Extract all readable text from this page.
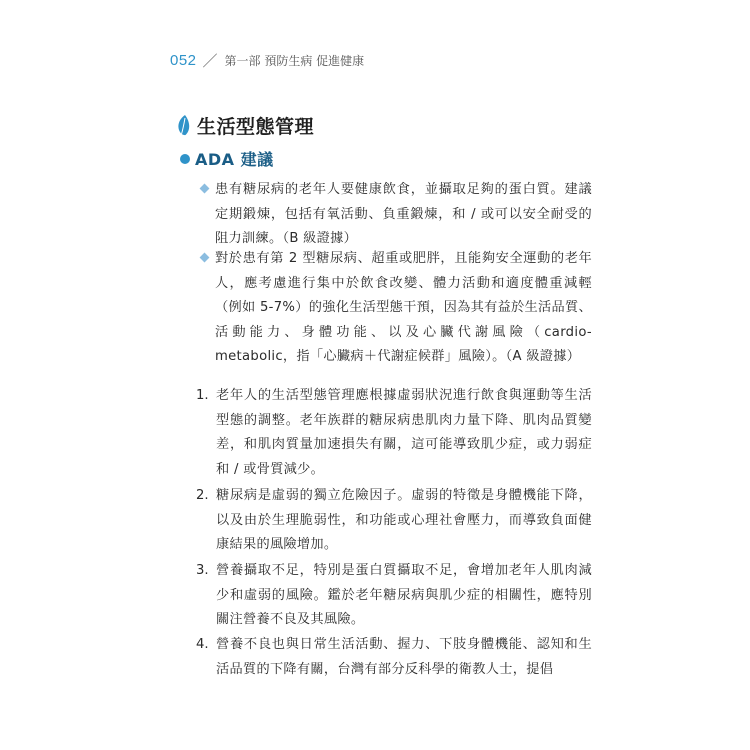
052 ／ 第一部 預防生病 促進健康
生活型態管理
ADA 建議
患有糖尿病的老年人要健康飲食，並攝取足夠的蛋白質。建議定期鍛煉，包括有氧活動、負重鍛煉，和 / 或可以安全耐受的阻力訓練。（B 級證據）
對於患有第 2 型糖尿病、超重或肥胖，且能夠安全運動的老年人，應考慮進行集中於飲食改變、體力活動和適度體重減輕（例如 5-7%）的強化生活型態干預，因為其有益於生活品質、活動能力、身體功能、以及心臟代謝風險（cardio-metabolic，指「心臟病＋代謝症候群」風險）。（A 級證據）
1. 老年人的生活型態管理應根據虛弱狀況進行飲食與運動等生活型態的調整。老年族群的糖尿病患肌肉力量下降、肌肉品質變差，和肌肉質量加速損失有關，這可能導致肌少症，或力弱症和 / 或骨質減少。
2. 糖尿病是虛弱的獨立危險因子。虛弱的特徵是身體機能下降，以及由於生理脆弱性，和功能或心理社會壓力，而導致負面健康結果的風險增加。
3. 營養攝取不足，特別是蛋白質攝取不足，會增加老年人肌肉減少和虛弱的風險。鑑於老年糖尿病與肌少症的相關性，應特別關注營養不良及其風險。
4. 營養不良也與日常生活活動、握力、下肢身體機能、認知和生活品質的下降有關，台灣有部分反科學的衛教人士，提倡
